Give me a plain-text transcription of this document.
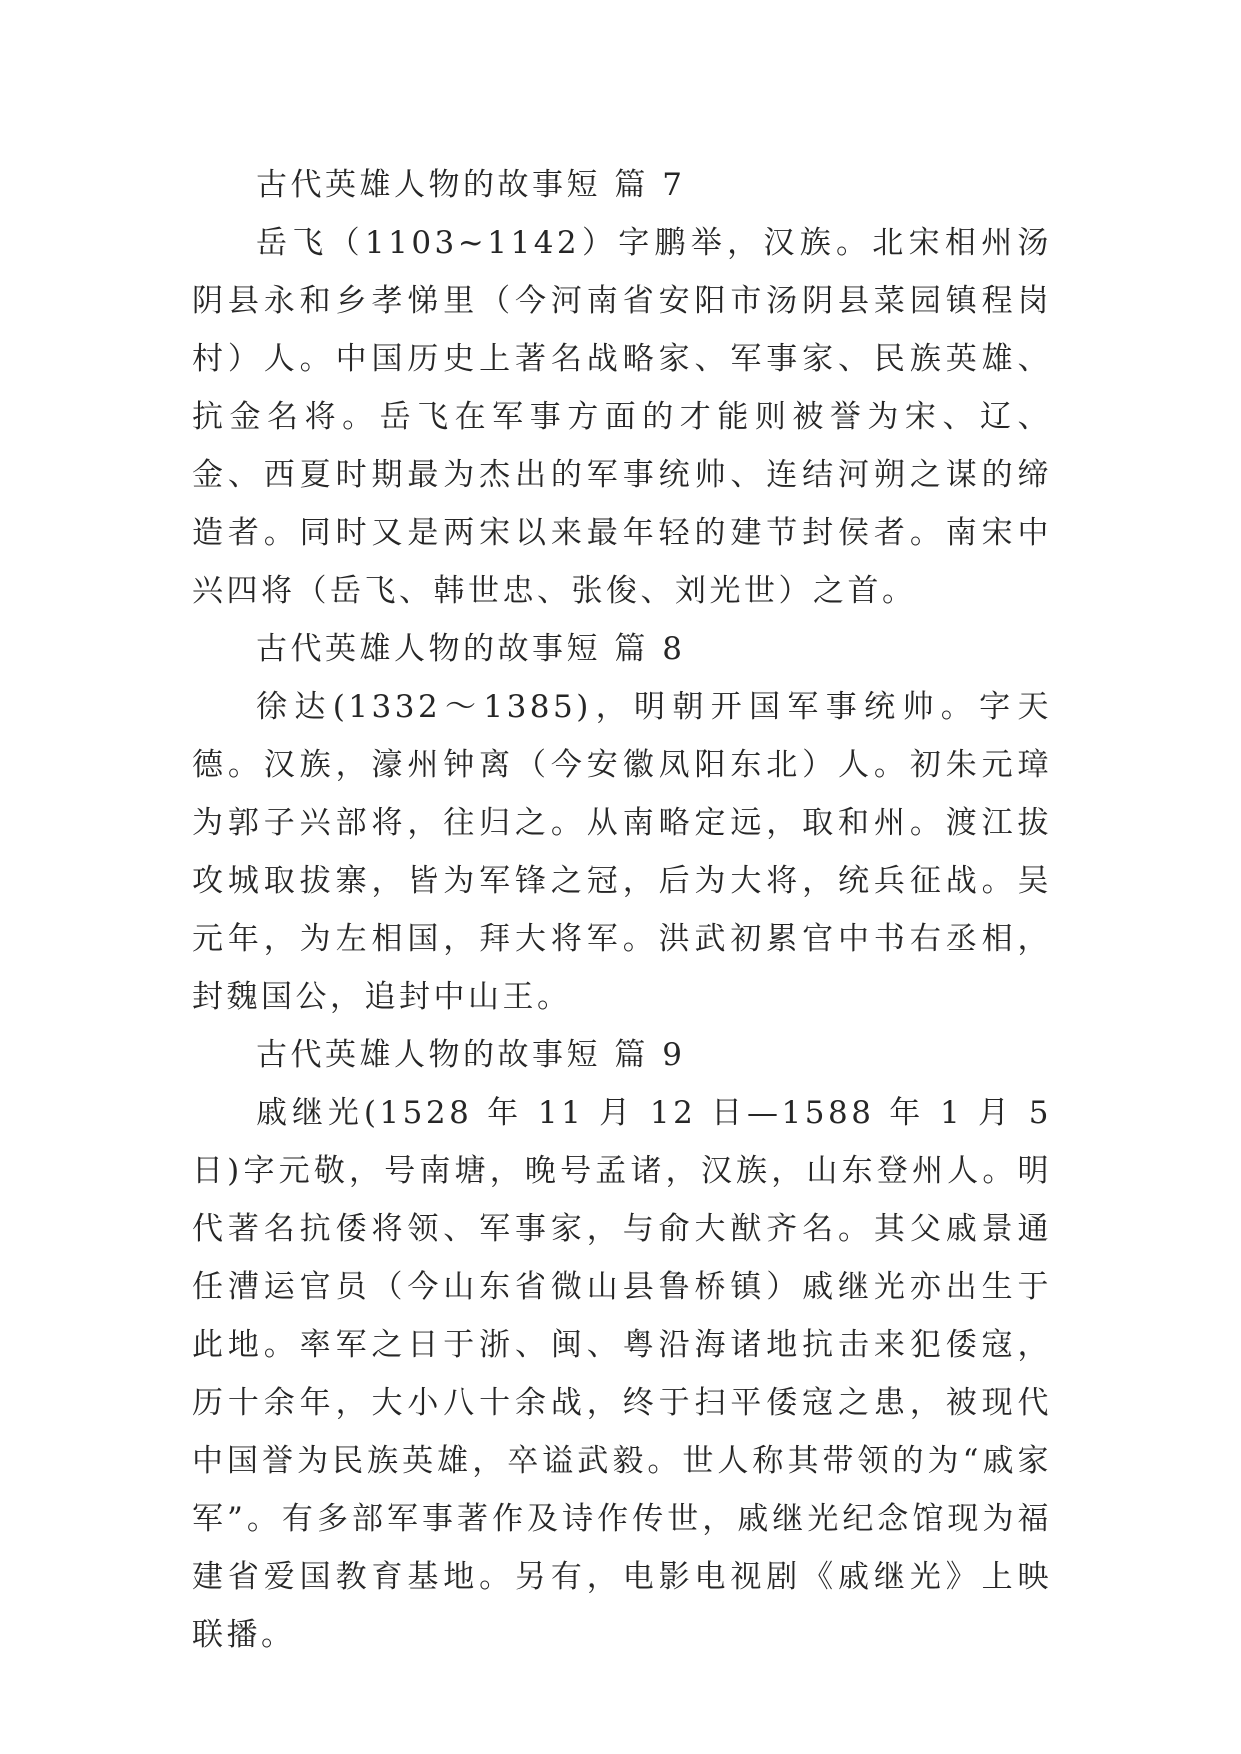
古代英雄人物的故事短 篇 7

岳飞（1103~1142）字鹏举，汉族。北宋相州汤阴县永和乡孝悌里（今河南省安阳市汤阴县菜园镇程岗村）人。中国历史上著名战略家、军事家、民族英雄、抗金名将。岳飞在军事方面的才能则被誉为宋、辽、金、西夏时期最为杰出的军事统帅、连结河朔之谋的缔造者。同时又是两宋以来最年轻的建节封侯者。南宋中兴四将（岳飞、韩世忠、张俊、刘光世）之首。

古代英雄人物的故事短 篇 8

徐达(1332～1385)，明朝开国军事统帅。字天德。汉族，濠州钟离（今安徽凤阳东北）人。初朱元璋为郭子兴部将，往归之。从南略定远，取和州。渡江拔攻城取拔寨，皆为军锋之冠，后为大将，统兵征战。吴元年，为左相国，拜大将军。洪武初累官中书右丞相，封魏国公，追封中山王。

古代英雄人物的故事短 篇 9

戚继光(1528 年 11 月 12 日—1588 年 1 月 5 日)字元敬，号南塘，晚号孟诸，汉族，山东登州人。明代著名抗倭将领、军事家，与俞大猷齐名。其父戚景通任漕运官员（今山东省微山县鲁桥镇）戚继光亦出生于此地。率军之日于浙、闽、粤沿海诸地抗击来犯倭寇，历十余年，大小八十余战，终于扫平倭寇之患，被现代中国誉为民族英雄，卒谥武毅。世人称其带领的为“戚家军”。有多部军事著作及诗作传世，戚继光纪念馆现为福建省爱国教育基地。另有，电影电视剧《戚继光》上映联播。
